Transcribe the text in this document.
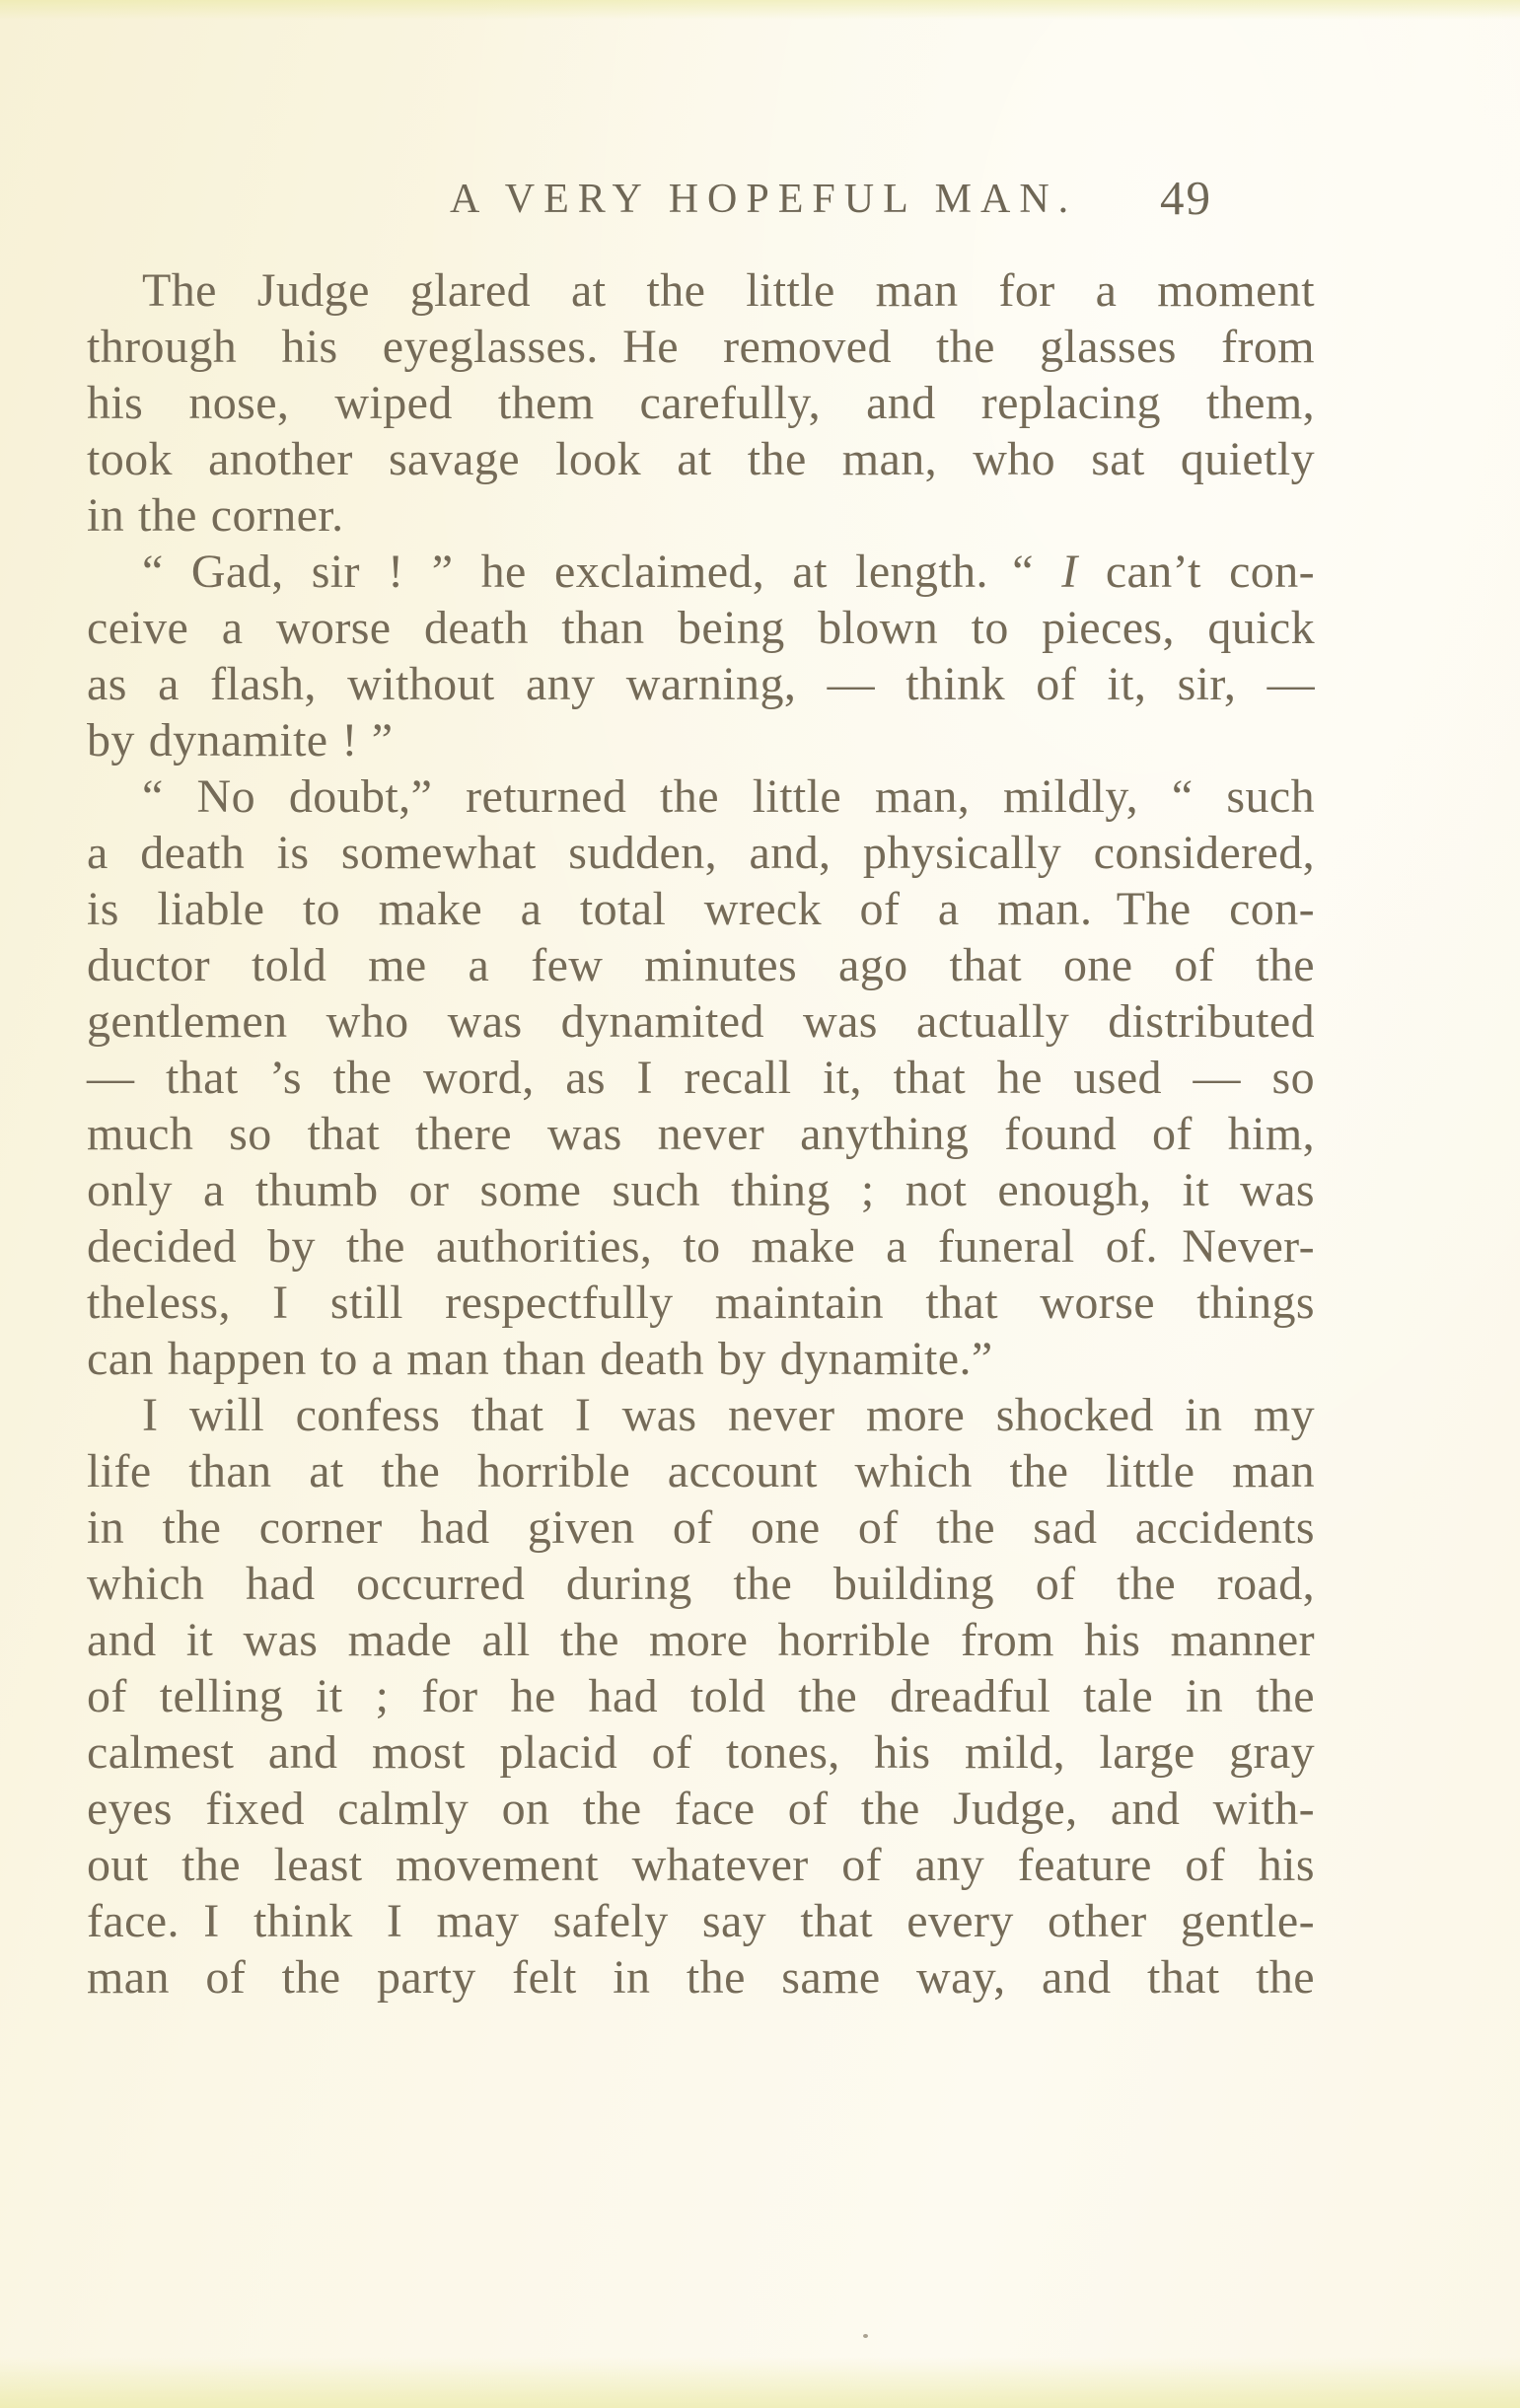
A VERY HOPEFUL MAN. 49
The Judge glared at the little man for a moment
through his eyeglasses. He removed the glasses from
his nose, wiped them carefully, and replacing them,
took another savage look at the man, who sat quietly
in the corner.
“ Gad, sir ! ” he exclaimed, at length. “ I can’t con-
ceive a worse death than being blown to pieces, quick
as a flash, without any warning, — think of it, sir, —
by dynamite ! ”
“ No doubt,” returned the little man, mildly, “ such
a death is somewhat sudden, and, physically considered,
is liable to make a total wreck of a man. The con-
ductor told me a few minutes ago that one of the
gentlemen who was dynamited was actually distributed
— that ’s the word, as I recall it, that he used — so
much so that there was never anything found of him,
only a thumb or some such thing ; not enough, it was
decided by the authorities, to make a funeral of. Never-
theless, I still respectfully maintain that worse things
can happen to a man than death by dynamite.”
I will confess that I was never more shocked in my
life than at the horrible account which the little man
in the corner had given of one of the sad accidents
which had occurred during the building of the road,
and it was made all the more horrible from his manner
of telling it ; for he had told the dreadful tale in the
calmest and most placid of tones, his mild, large gray
eyes fixed calmly on the face of the Judge, and with-
out the least movement whatever of any feature of his
face. I think I may safely say that every other gentle-
man of the party felt in the same way, and that the
